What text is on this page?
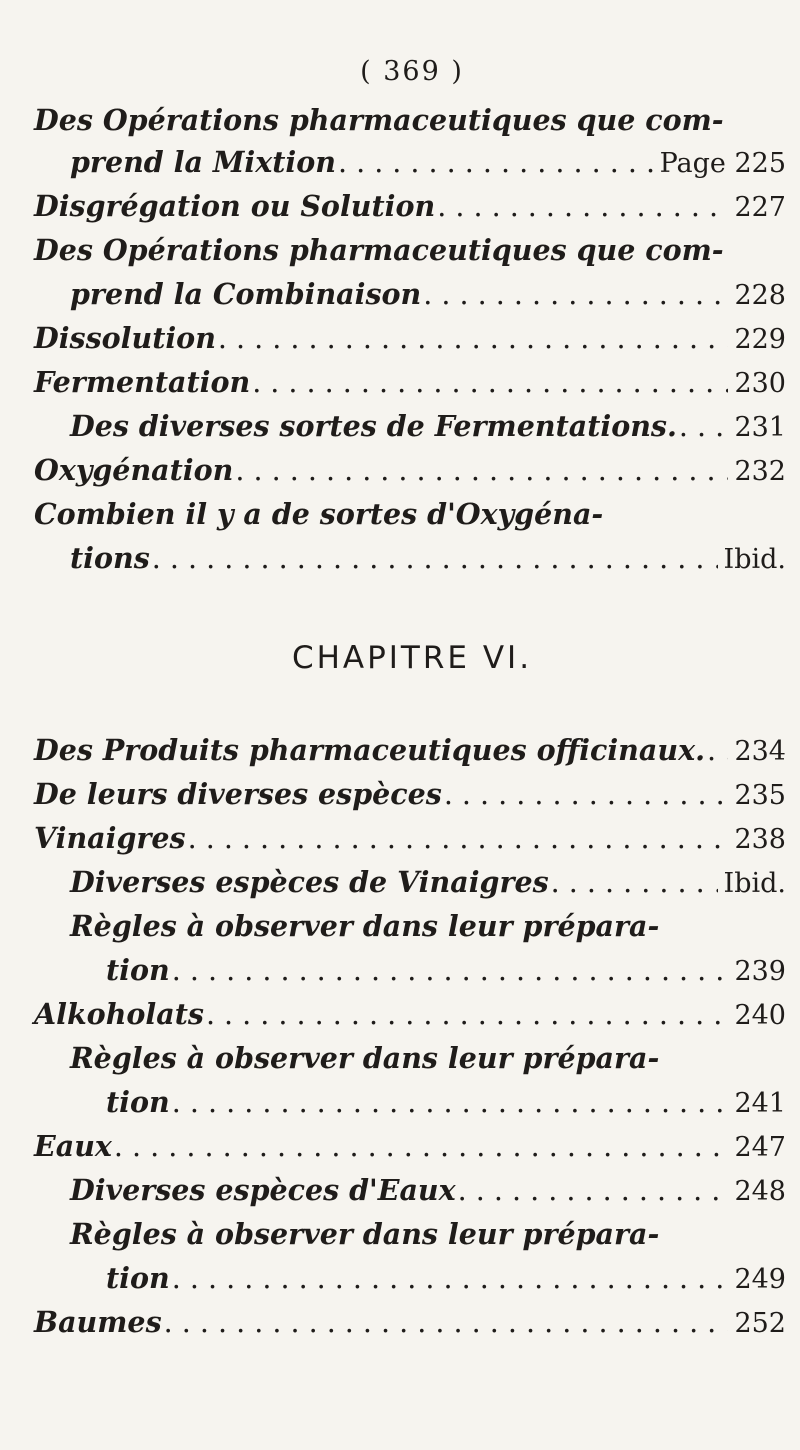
( 369 )
Des Opérations pharmaceutiques que com-
prend la Mixtion . . .	Page 225
Disgrégation ou Solution . . .	227
Des Opérations pharmaceutiques que com-
prend la Combinaison . . .	228
Dissolution . . .	229
Fermentation . . .	230
Des diverses sortes de Fermentations. . . . 231
Oxygénation . . .	232
Combien il y a de sortes d'Oxygéna-
tions . . .	Ibid.
CHAPITRE VI.
Des Produits pharmaceutiques officinaux. . . . 234
De leurs diverses espèces . . .	235
Vinaigres . . .	238
Diverses espèces de Vinaigres . . .	Ibid.
Règles à observer dans leur prépara-
tion . . .	239
Alkoholats . . .	240
Règles à observer dans leur prépara-
tion . . .	241
Eaux . . .	247
Diverses espèces d'Eaux . . .	248
Règles à observer dans leur prépara-
tion . . .	249
Baumes . . .	252
